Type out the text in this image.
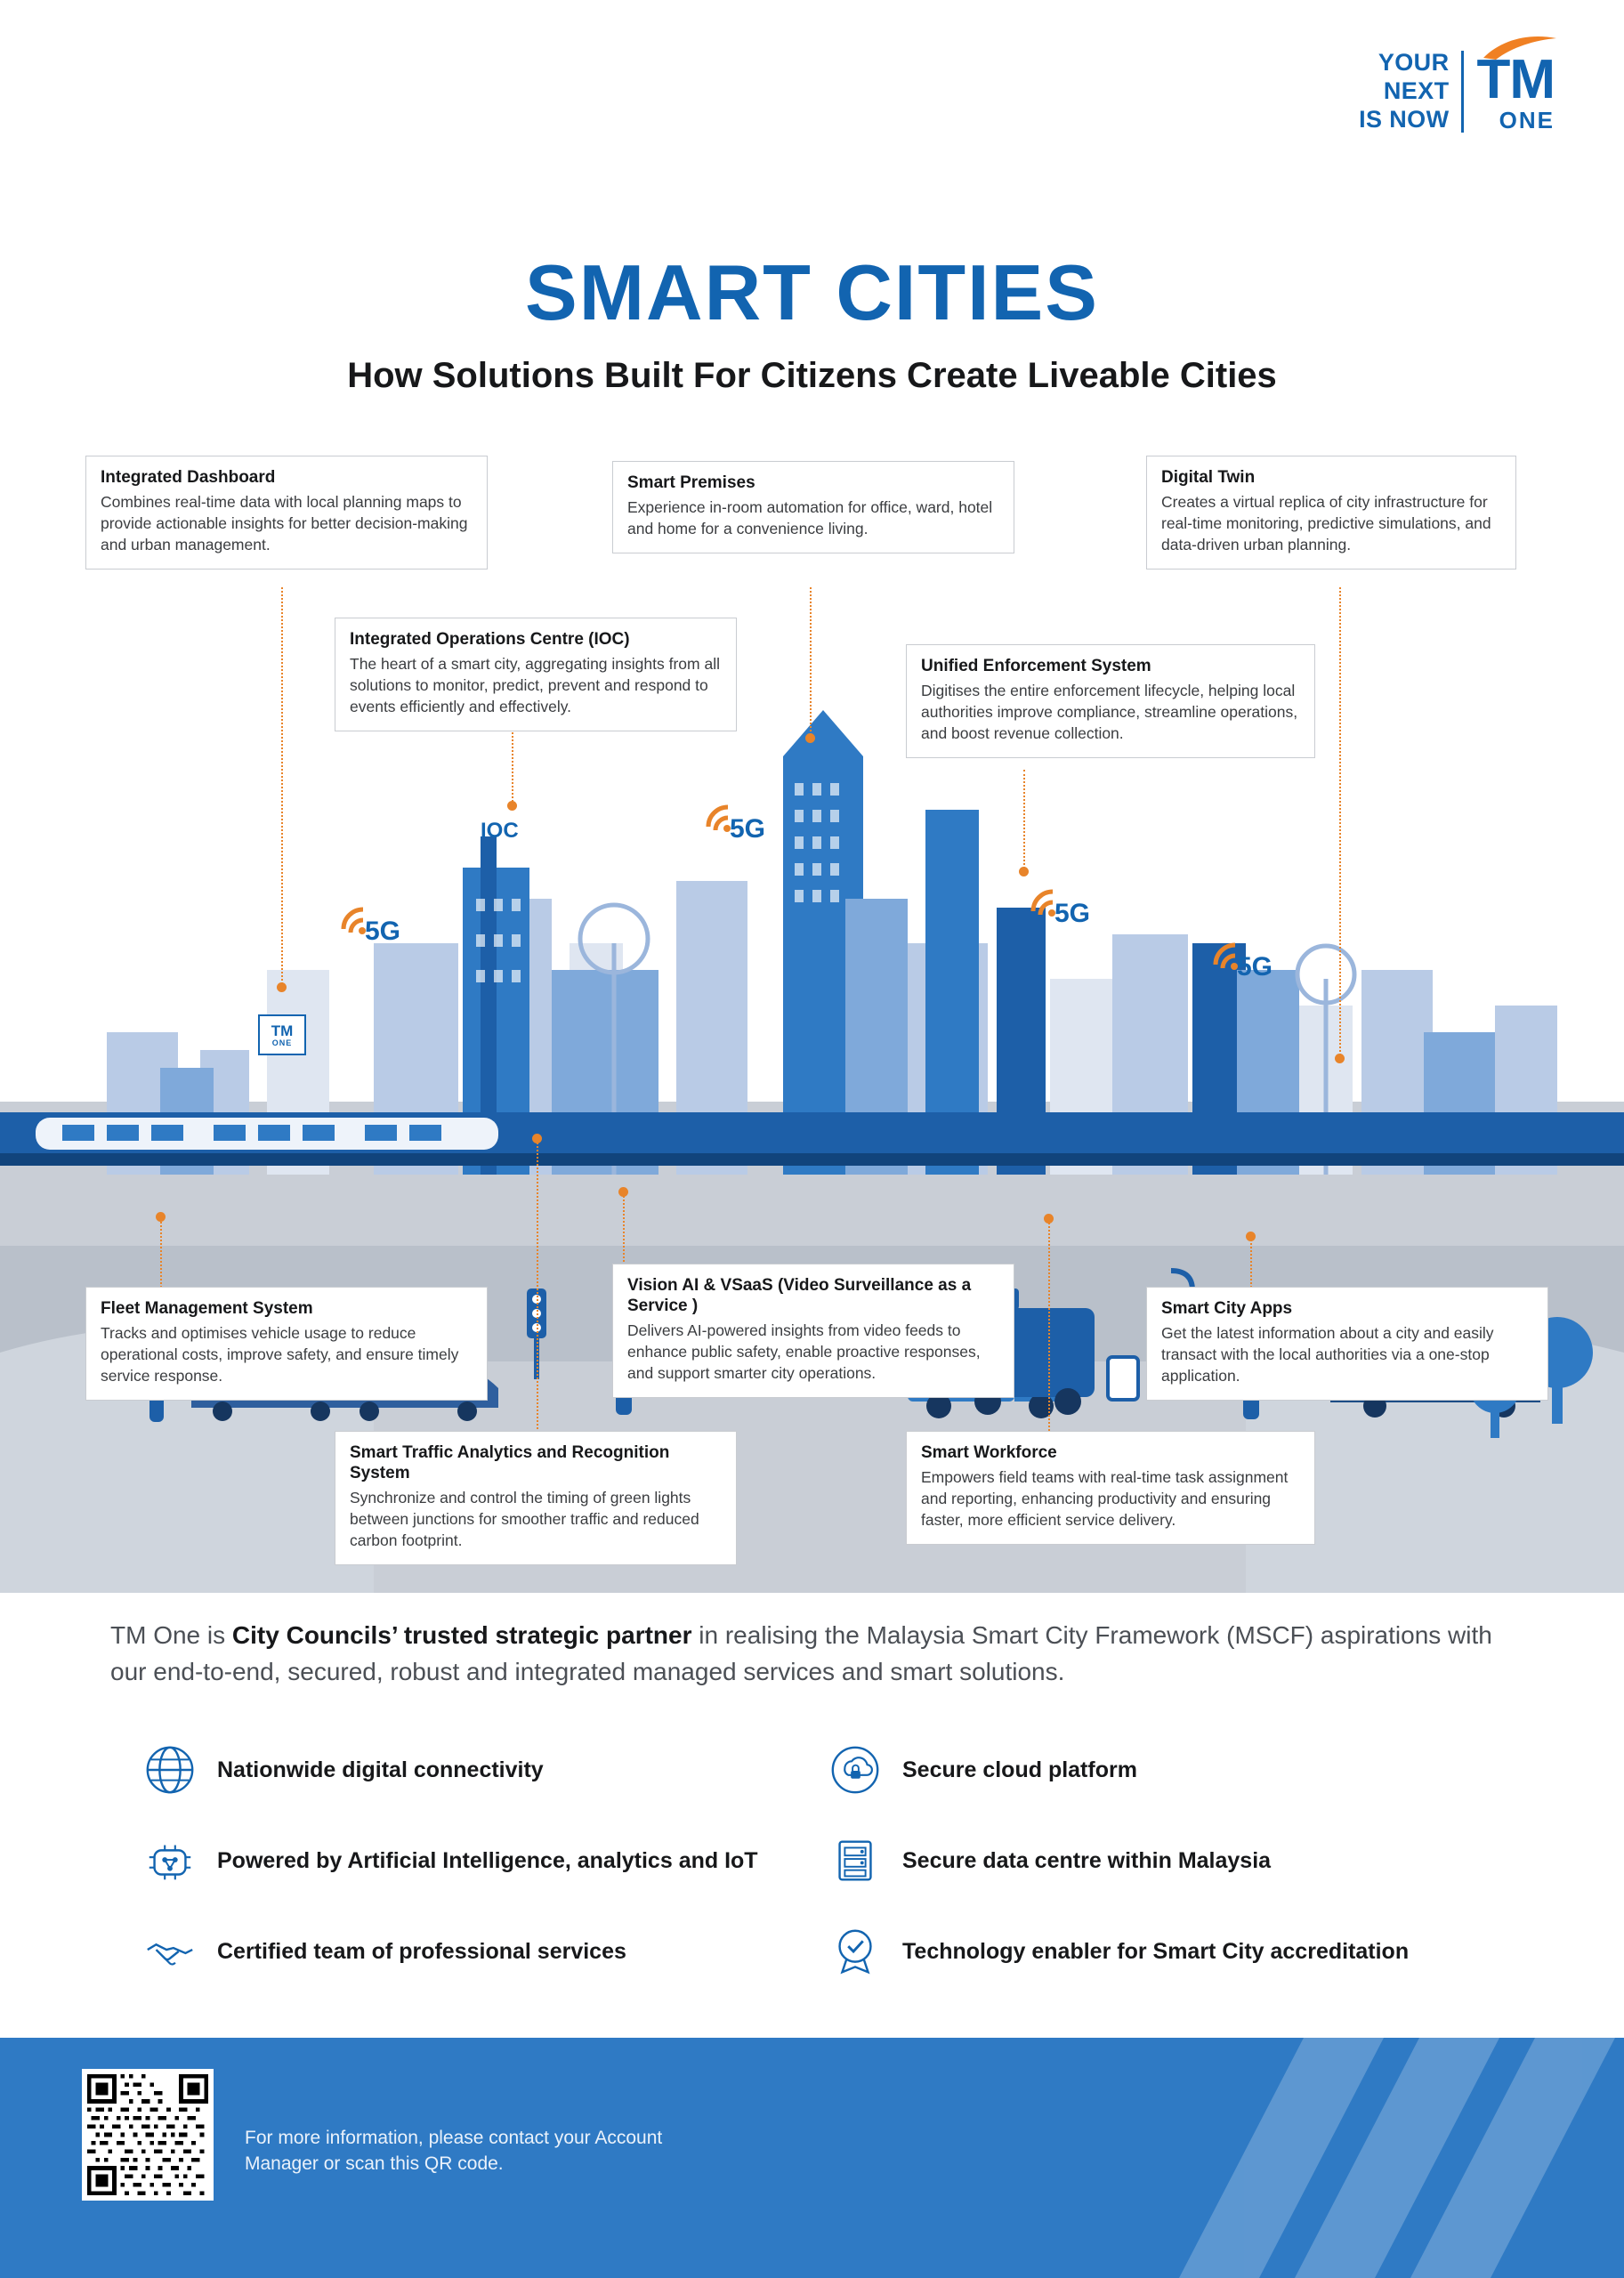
YOUR
NEXT
IS NOW
TM
ONE
SMART CITIES
How Solutions Built For Citizens Create Liveable Cities
5G
5G
5G
5G
IOC
TM
ONE
Integrated Dashboard
Combines real-time data with local planning maps to provide actionable insights for better decision-making and urban management.
Smart Premises
Experience in-room automation for office, ward, hotel and home for a convenience living.
Digital Twin
Creates a virtual replica of city infrastructure for real-time monitoring, predictive simulations, and data-driven urban planning.
Integrated Operations Centre (IOC)
The heart of a smart city, aggregating insights from all solutions to monitor, predict, prevent and respond to events efficiently and effectively.
Unified Enforcement System
Digitises the entire enforcement lifecycle, helping local authorities improve compliance, streamline operations, and boost revenue collection.
Fleet Management System
Tracks and optimises vehicle usage to reduce operational costs, improve safety, and ensure timely service response.
Vision AI & VSaaS (Video Surveillance as a Service )
Delivers AI-powered insights from video feeds to enhance public safety, enable proactive responses, and support smarter city operations.
Smart City Apps
Get the latest information about a city and easily transact with the local authorities via a one-stop application.
Smart Traffic Analytics and Recognition System
Synchronize and control the timing of green lights between junctions for smoother traffic and reduced carbon footprint.
Smart Workforce
Empowers field teams with real-time task assignment and reporting, enhancing productivity and ensuring faster, more efficient service delivery.
TM One is City Councils’ trusted strategic partner in realising the Malaysia Smart City Framework (MSCF) aspirations with our end-to-end, secured, robust and integrated managed services and smart solutions.
Nationwide digital connectivity	Secure cloud platform
Powered by Artificial Intelligence, analytics and IoT	Secure data centre within Malaysia
Certified team of professional services	Technology enabler for Smart City accreditation
For more information, please contact your Account
Manager or scan this QR code.
